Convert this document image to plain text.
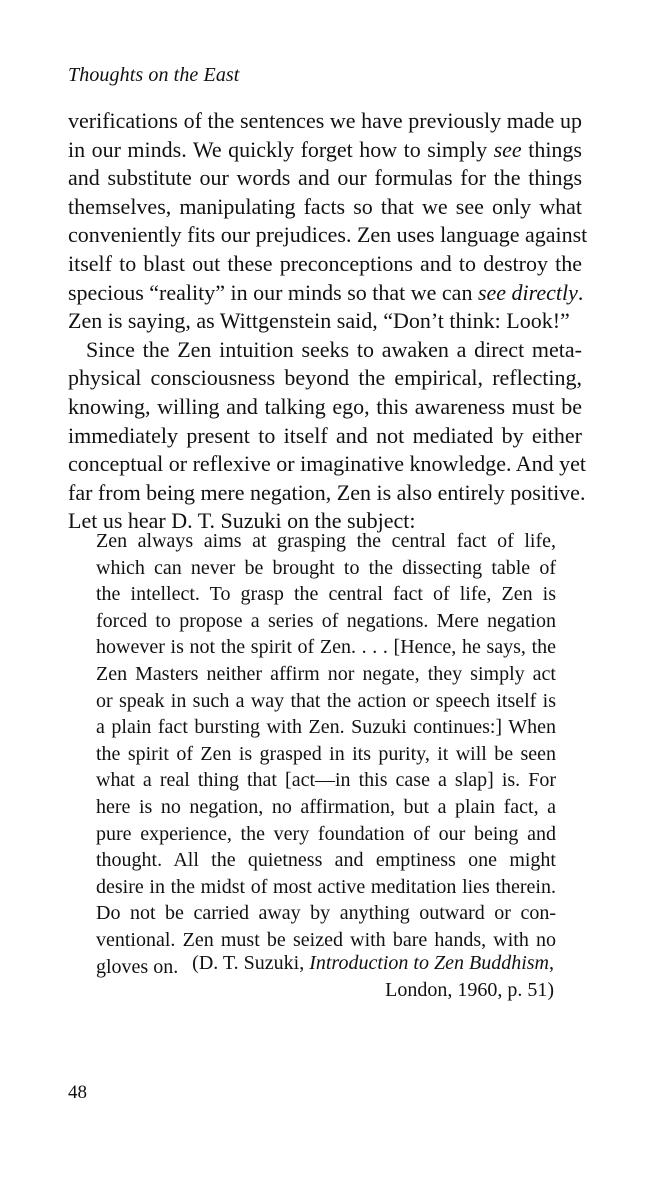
Thoughts on the East
verifications of the sentences we have previously made up
in our minds. We quickly forget how to simply see things
and substitute our words and our formulas for the things
themselves, manipulating facts so that we see only what
conveniently fits our prejudices. Zen uses language against
itself to blast out these preconceptions and to destroy the
specious “reality” in our minds so that we can see directly.
Zen is saying, as Wittgenstein said, “Don’t think: Look!”
Since the Zen intuition seeks to awaken a direct meta-
physical consciousness beyond the empirical, reflecting,
knowing, willing and talking ego, this awareness must be
immediately present to itself and not mediated by either
conceptual or reflexive or imaginative knowledge. And yet
far from being mere negation, Zen is also entirely positive.
Let us hear D. T. Suzuki on the subject:
Zen always aims at grasping the central fact of life,
which can never be brought to the dissecting table of
the intellect. To grasp the central fact of life, Zen is
forced to propose a series of negations. Mere negation
however is not the spirit of Zen. . . . [Hence, he says, the
Zen Masters neither affirm nor negate, they simply act
or speak in such a way that the action or speech itself is
a plain fact bursting with Zen. Suzuki continues:] When
the spirit of Zen is grasped in its purity, it will be seen
what a real thing that [act—in this case a slap] is. For
here is no negation, no affirmation, but a plain fact, a
pure experience, the very foundation of our being and
thought. All the quietness and emptiness one might
desire in the midst of most active meditation lies therein.
Do not be carried away by anything outward or con-
ventional. Zen must be seized with bare hands, with no
gloves on. (D. T. Suzuki, Introduction to Zen Buddhism,
London, 1960, p. 51)
48
